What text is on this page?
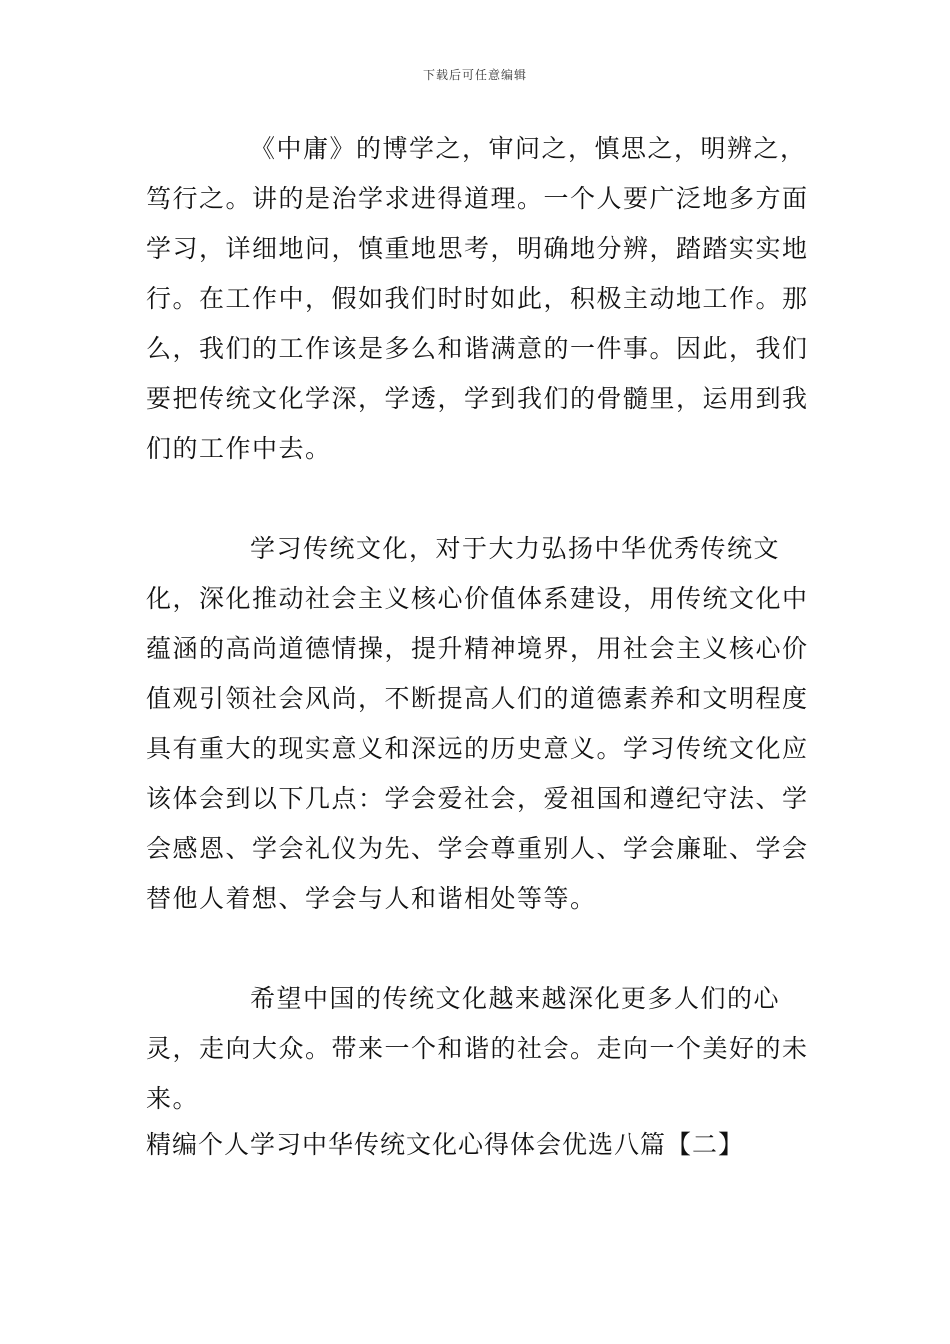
下载后可任意编辑

《中庸》的博学之，审问之，慎思之，明辨之，笃行之。讲的是治学求进得道理。一个人要广泛地多方面学习，详细地问，慎重地思考，明确地分辨，踏踏实实地行。在工作中，假如我们时时如此，积极主动地工作。那么，我们的工作该是多么和谐满意的一件事。因此，我们要把传统文化学深，学透，学到我们的骨髓里，运用到我们的工作中去。

学习传统文化，对于大力弘扬中华优秀传统文化，深化推动社会主义核心价值体系建设，用传统文化中蕴涵的高尚道德情操，提升精神境界，用社会主义核心价值观引领社会风尚，不断提高人们的道德素养和文明程度具有重大的现实意义和深远的历史意义。学习传统文化应该体会到以下几点：学会爱社会，爱祖国和遵纪守法、学会感恩、学会礼仪为先、学会尊重别人、学会廉耻、学会替他人着想、学会与人和谐相处等等。

希望中国的传统文化越来越深化更多人们的心灵，走向大众。带来一个和谐的社会。走向一个美好的未来。

精编个人学习中华传统文化心得体会优选八篇【二】
